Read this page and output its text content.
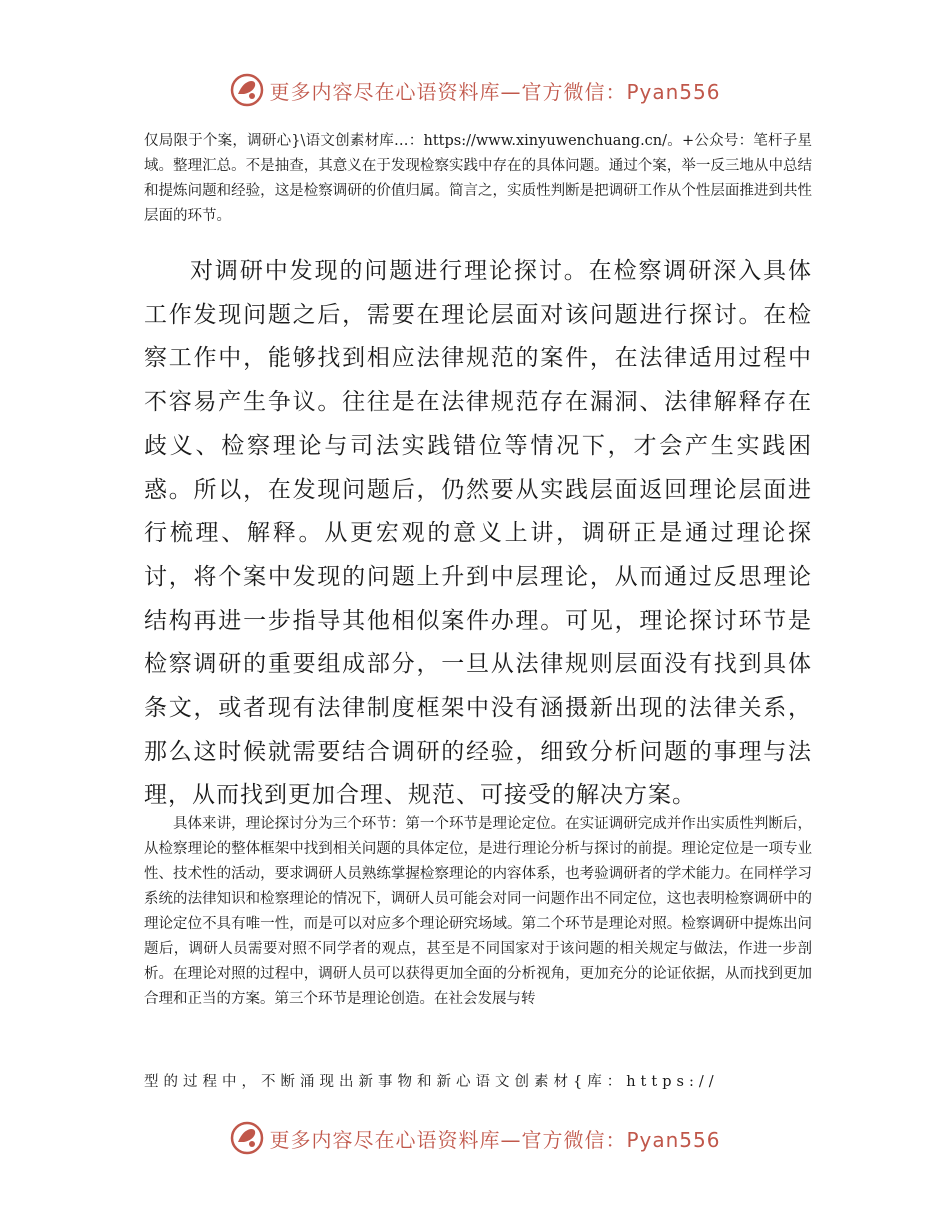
更多内容尽在心语资料库—官方微信：Pyan556

仅局限于个案，调研心}\语文创素材库…：https://www.xinyuwenchuang.cn/。+公众号：笔杆子星域。整理汇总。不是抽查，其意义在于发现检察实践中存在的具体问题。通过个案，举一反三地从中总结和提炼问题和经验，这是检察调研的价值归属。简言之，实质性判断是把调研工作从个性层面推进到共性层面的环节。

对调研中发现的问题进行理论探讨。在检察调研深入具体工作发现问题之后，需要在理论层面对该问题进行探讨。在检察工作中，能够找到相应法律规范的案件，在法律适用过程中不容易产生争议。往往是在法律规范存在漏洞、法律解释存在歧义、检察理论与司法实践错位等情况下，才会产生实践困惑。所以，在发现问题后，仍然要从实践层面返回理论层面进行梳理、解释。从更宏观的意义上讲，调研正是通过理论探讨，将个案中发现的问题上升到中层理论，从而通过反思理论结构再进一步指导其他相似案件办理。可见，理论探讨环节是检察调研的重要组成部分，一旦从法律规则层面没有找到具体条文，或者现有法律制度框架中没有涵摄新出现的法律关系，那么这时候就需要结合调研的经验，细致分析问题的事理与法理，从而找到更加合理、规范、可接受的解决方案。

具体来讲，理论探讨分为三个环节：第一个环节是理论定位。在实证调研完成并作出实质性判断后，从检察理论的整体框架中找到相关问题的具体定位，是进行理论分析与探讨的前提。理论定位是一项专业性、技术性的活动，要求调研人员熟练掌握检察理论的内容体系，也考验调研者的学术能力。在同样学习系统的法律知识和检察理论的情况下，调研人员可能会对同一问题作出不同定位，这也表明检察调研中的理论定位不具有唯一性，而是可以对应多个理论研究场域。第二个环节是理论对照。检察调研中提炼出问题后，调研人员需要对照不同学者的观点，甚至是不同国家对于该问题的相关规定与做法，作进一步剖析。在理论对照的过程中，调研人员可以获得更加全面的分析视角，更加充分的论证依据，从而找到更加合理和正当的方案。第三个环节是理论创造。在社会发展与转

型的过程中，不断涌现出新事物和新心语文创素材{库：https://

更多内容尽在心语资料库—官方微信：Pyan556
